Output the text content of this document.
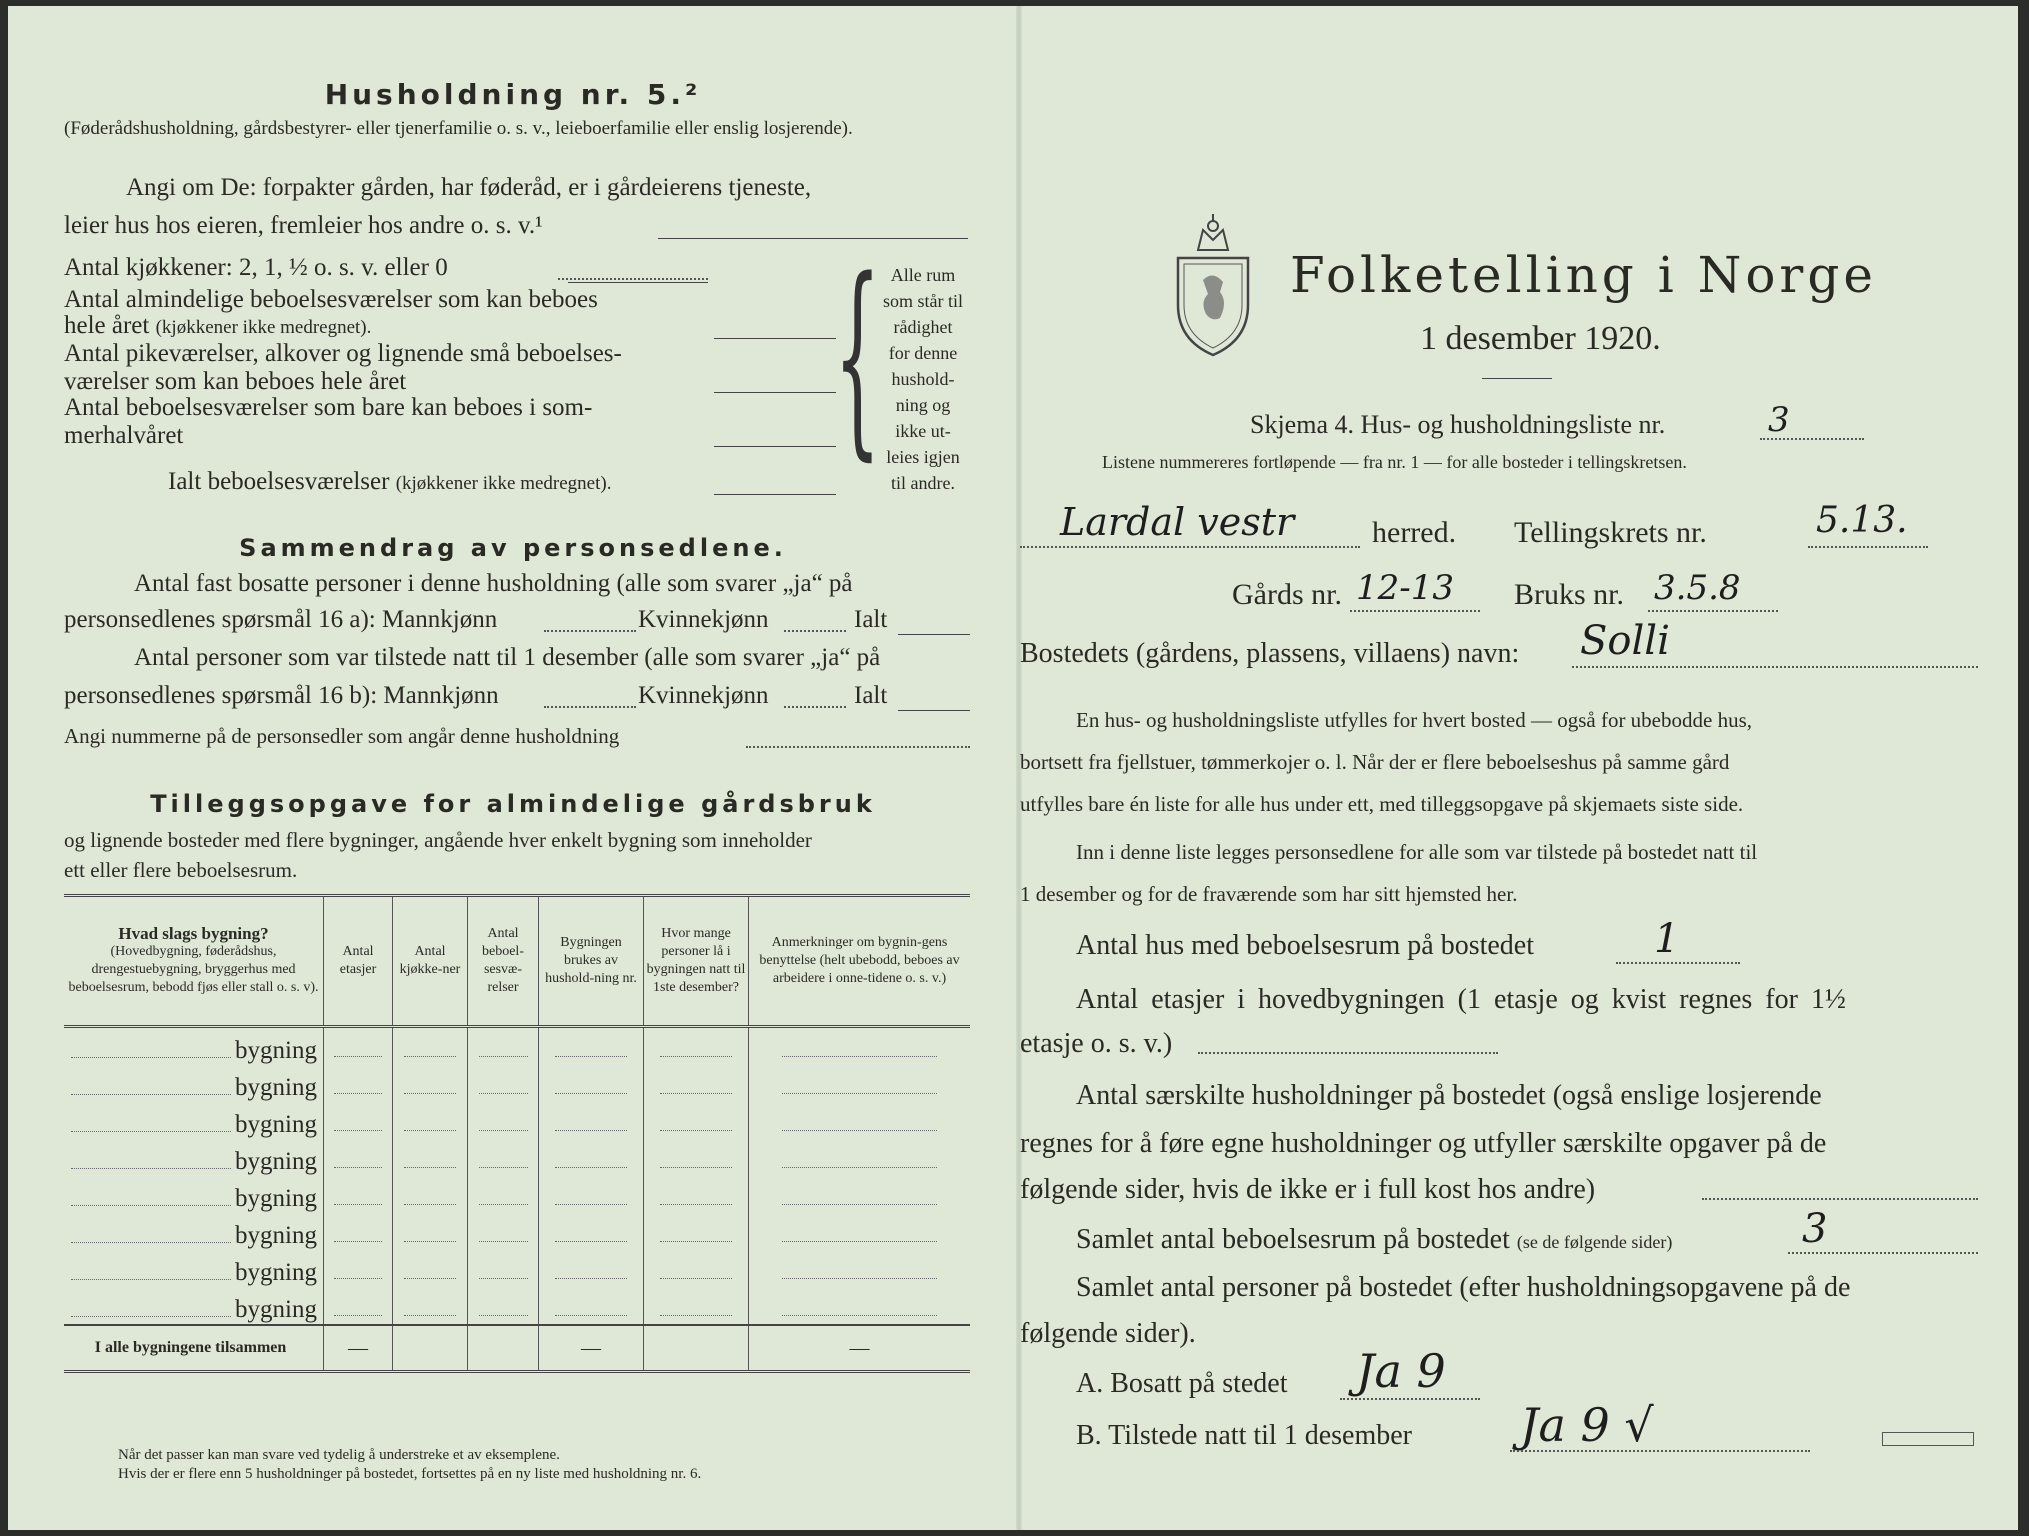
Husholdning nr. 5.²
(Føderådshusholdning, gårdsbestyrer- eller tjenerfamilie o. s. v., leieboerfamilie eller enslig losjerende).
Angi om De: forpakter gården, har føderåd, er i gårdeierens tjeneste,
leier hus hos eieren, fremleier hos andre o. s. v.¹
Antal kjøkkener: 2, 1, ½ o. s. v. eller 0
Antal almindelige beboelsesværelser som kan beboes
hele året (kjøkkener ikke medregnet).
Antal pikeværelser, alkover og lignende små beboelses-
værelser som kan beboes hele året
Antal beboelsesværelser som bare kan beboes i som-
merhalvåret
Ialt beboelsesværelser (kjøkkener ikke medregnet).
{ Alle rum
som står til
rådighet
for denne
hushold-
ning og
ikke ut-
leies igjen
til andre.
Sammendrag av personsedlene.
Antal fast bosatte personer i denne husholdning (alle som svarer „ja“ på
personsedlenes spørsmål 16 a): Mannkjønn	Kvinnekjønn	Ialt
Antal personer som var tilstede natt til 1 desember (alle som svarer „ja“ på
personsedlenes spørsmål 16 b): Mannkjønn	Kvinnekjønn	Ialt
Angi nummerne på de personsedler som angår denne husholdning
Tilleggsopgave for almindelige gårdsbruk
og lignende bosteder med flere bygninger, angående hver enkelt bygning som inneholder
ett eller flere beboelsesrum.
Hvad slags bygning?
(Hovedbygning, føderådshus, drengestuebygning, bryggerhus med beboelsesrum, bebodd fjøs eller stall o. s. v).	Antal etasjer	Antal kjøkke-ner	Antal beboel-sesvæ-relser	Bygningen brukes av hushold-ning nr.	Hvor mange personer lå i bygningen natt til 1ste desember?	Anmerkninger om bygnin-gens benyttelse (helt ubebodd, beboes av arbeidere i onne-tidene o. s. v.)
bygning	

bygning	

bygning	

bygning	

bygning	

bygning	

bygning	

bygning	

I alle bygningene tilsammen	—			—		—
Når det passer kan man svare ved tydelig å understreke et av eksemplene.
Hvis der er flere enn 5 husholdninger på bostedet, fortsettes på en ny liste med husholdning nr. 6.
Folketelling i Norge
1 desember 1920.
Skjema 4. Hus- og husholdningsliste nr.	3
Listene nummereres fortløpende — fra nr. 1 — for alle bosteder i tellingskretsen.
Lardal vestr	herred. Tellingskrets nr.	5.13.
Gårds nr. 12-13 Bruks nr. 3.5.8
Bostedets (gårdens, plassens, villaens) navn: Solli
En hus- og husholdningsliste utfylles for hvert bosted — også for ubebodde hus,
bortsett fra fjellstuer, tømmerkojer o. l. Når der er flere beboelseshus på samme gård
utfylles bare én liste for alle hus under ett, med tilleggsopgave på skjemaets siste side.
Inn i denne liste legges personsedlene for alle som var tilstede på bostedet natt til
1 desember og for de fraværende som har sitt hjemsted her.
Antal hus med beboelsesrum på bostedet	1
Antal etasjer i hovedbygningen (1 etasje og kvist regnes for 1½
etasje o. s. v.)
Antal særskilte husholdninger på bostedet (også enslige losjerende
regnes for å føre egne husholdninger og utfyller særskilte opgaver på de
følgende sider, hvis de ikke er i full kost hos andre)
Samlet antal beboelsesrum på bostedet (se de følgende sider)	3
Samlet antal personer på bostedet (efter husholdningsopgavene på de
følgende sider).
A. Bosatt på stedet Ja 9
B. Tilstede natt til 1 desember Ja 9 √
